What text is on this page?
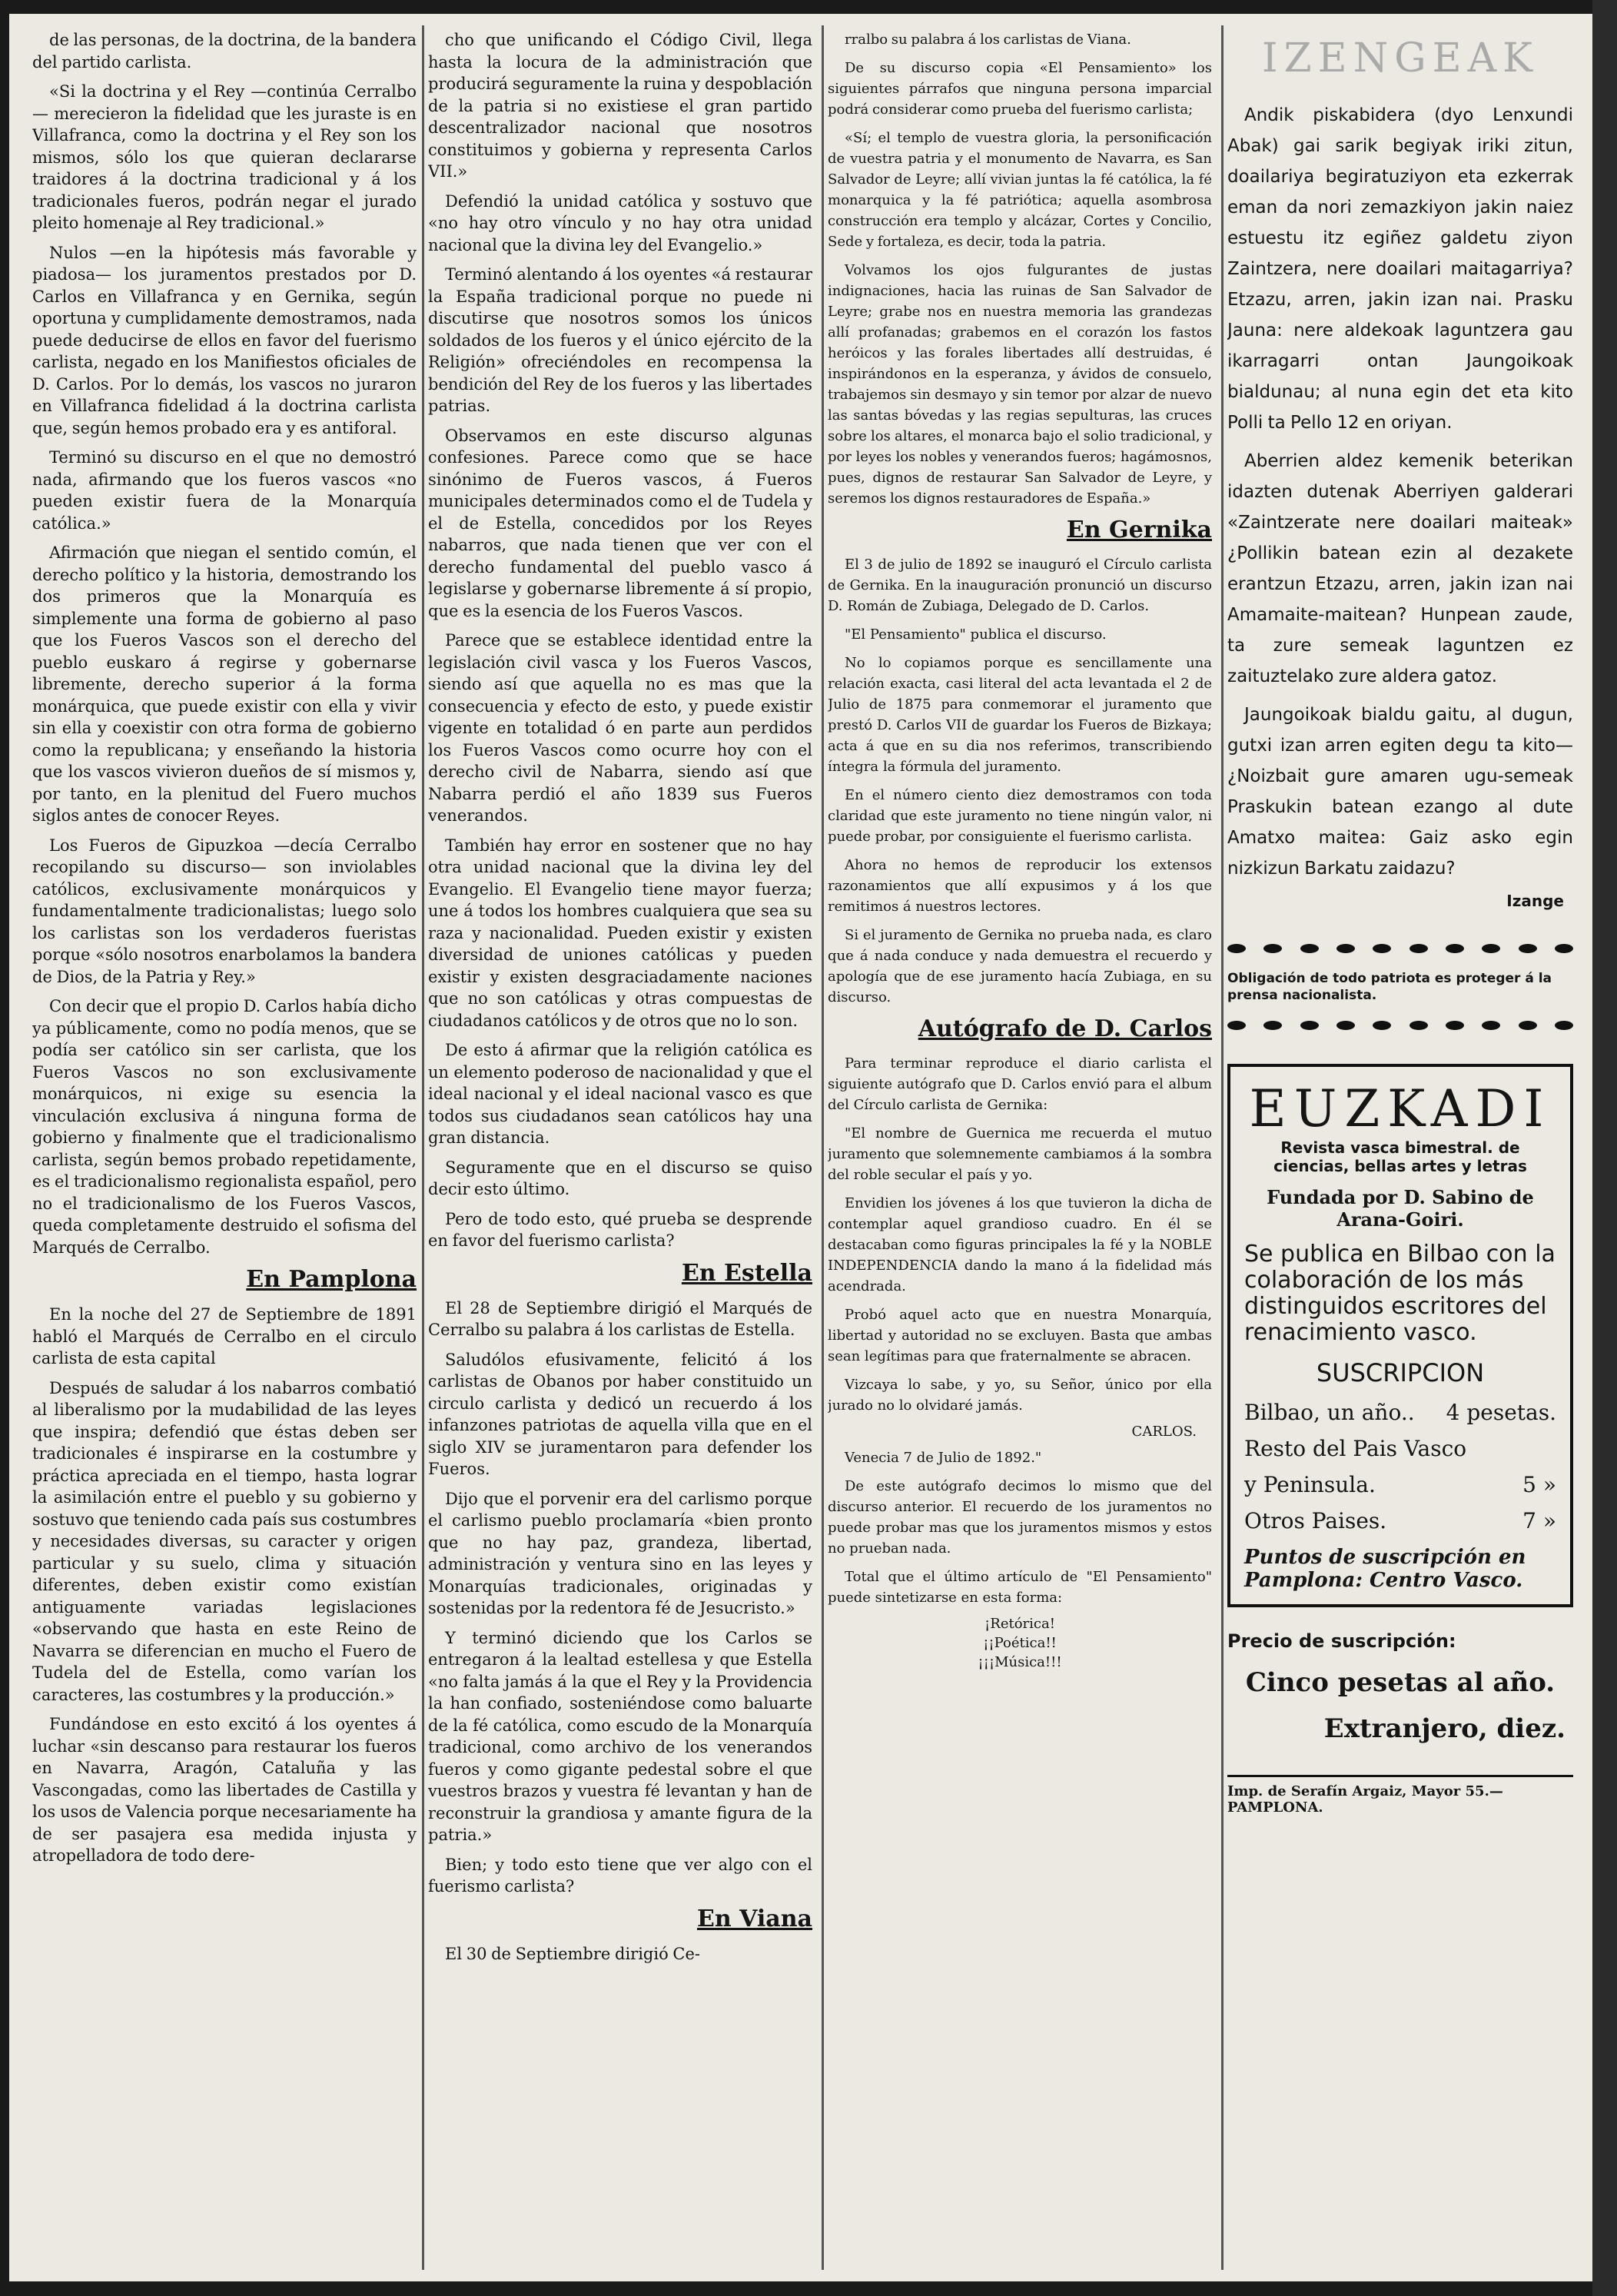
de las personas, de la doctrina, de la bandera del partido carlista.

«Si la doctrina y el Rey —continúa Cerralbo— merecieron la fidelidad que les juraste is en Villafranca, como la doctrina y el Rey son los mismos, sólo los que quieran declararse traidores á la doctrina tradicional y á los tradicionales fueros, podrán negar el jurado pleito homenaje al Rey tradicional.»

Nulos —en la hipótesis más favorable y piadosa— los juramentos prestados por D. Carlos en Villafranca y en Gernika, según oportuna y cumplidamente demostramos, nada puede deducirse de ellos en favor del fuerismo carlista, negado en los Manifiestos oficiales de D. Carlos. Por lo demás, los vascos no juraron en Villafranca fidelidad á la doctrina carlista que, según hemos probado era y es antiforal.

Terminó su discurso en el que no demostró nada, afirmando que los fueros vascos «no pueden existir fuera de la Monarquía católica.»

Afirmación que niegan el sentido común, el derecho político y la historia, demostrando los dos primeros que la Monarquía es simplemente una forma de gobierno al paso que los Fueros Vascos son el derecho del pueblo euskaro á regirse y gobernarse libremente, derecho superior á la forma monárquica, que puede existir con ella y vivir sin ella y coexistir con otra forma de gobierno como la republicana; y enseñando la historia que los vascos vivieron dueños de sí mismos y, por tanto, en la plenitud del Fuero muchos siglos antes de conocer Reyes.

Los Fueros de Gipuzkoa —decía Cerralbo recopilando su discurso— son inviolables católicos, exclusivamente monárquicos y fundamentalmente tradicionalistas; luego solo los carlistas son los verdaderos fueristas porque «sólo nosotros enarbolamos la bandera de Dios, de la Patria y Rey.»

Con decir que el propio D. Carlos había dicho ya públicamente, como no podía menos, que se podía ser católico sin ser carlista, que los Fueros Vascos no son exclusivamente monárquicos, ni exige su esencia la vinculación exclusiva á ninguna forma de gobierno y finalmente que el tradicionalismo carlista, según bemos probado repetidamente, es el tradicionalismo regionalista español, pero no el tradicionalismo de los Fueros Vascos, queda completamente destruido el sofisma del Marqués de Cerralbo.

En Pamplona

En la noche del 27 de Septiembre de 1891 habló el Marqués de Cerralbo en el circulo carlista de esta capital

Después de saludar á los nabarros combatió al liberalismo por la mudabilidad de las leyes que inspira; defendió que éstas deben ser tradicionales é inspirarse en la costumbre y práctica apreciada en el tiempo, hasta lograr la asimilación entre el pueblo y su gobierno y sostuvo que teniendo cada país sus costumbres y necesidades diversas, su caracter y origen particular y su suelo, clima y situación diferentes, deben existir como existían antiguamente variadas legislaciones «observando que hasta en este Reino de Navarra se diferencian en mucho el Fuero de Tudela del de Estella, como varían los caracteres, las costumbres y la producción.»

Fundándose en esto excitó á los oyentes á luchar «sin descanso para restaurar los fueros en Navarra, Aragón, Cataluña y las Vascongadas, como las libertades de Castilla y los usos de Valencia porque necesariamente ha de ser pasajera esa medida injusta y atropelladora de todo dere-

cho que unificando el Código Civil, llega hasta la locura de la administración que producirá seguramente la ruina y despoblación de la patria si no existiese el gran partido descentralizador nacional que nosotros constituimos y gobierna y representa Carlos VII.»

Defendió la unidad católica y sostuvo que «no hay otro vínculo y no hay otra unidad nacional que la divina ley del Evangelio.»

Terminó alentando á los oyentes «á restaurar la España tradicional porque no puede ni discutirse que nosotros somos los únicos soldados de los fueros y el único ejército de la Religión» ofreciéndoles en recompensa la bendición del Rey de los fueros y las libertades patrias.

Observamos en este discurso algunas confesiones. Parece como que se hace sinónimo de Fueros vascos, á Fueros municipales determinados como el de Tudela y el de Estella, concedidos por los Reyes nabarros, que nada tienen que ver con el derecho fundamental del pueblo vasco á legislarse y gobernarse libremente á sí propio, que es la esencia de los Fueros Vascos.

Parece que se establece identidad entre la legislación civil vasca y los Fueros Vascos, siendo así que aquella no es mas que la consecuencia y efecto de esto, y puede existir vigente en totalidad ó en parte aun perdidos los Fueros Vascos como ocurre hoy con el derecho civil de Nabarra, siendo así que Nabarra perdió el año 1839 sus Fueros venerandos.

También hay error en sostener que no hay otra unidad nacional que la divina ley del Evangelio. El Evangelio tiene mayor fuerza; une á todos los hombres cualquiera que sea su raza y nacionalidad. Pueden existir y existen diversidad de uniones católicas y pueden existir y existen desgraciadamente naciones que no son católicas y otras compuestas de ciudadanos católicos y de otros que no lo son.

De esto á afirmar que la religión católica es un elemento poderoso de nacionalidad y que el ideal nacional y el ideal nacional vasco es que todos sus ciudadanos sean católicos hay una gran distancia.

Seguramente que en el discurso se quiso decir esto último.

Pero de todo esto, qué prueba se desprende en favor del fuerismo carlista?

En Estella

El 28 de Septiembre dirigió el Marqués de Cerralbo su palabra á los carlistas de Estella.

Saludólos efusivamente, felicitó á los carlistas de Obanos por haber constituido un circulo carlista y dedicó un recuerdo á los infanzones patriotas de aquella villa que en el siglo XIV se juramentaron para defender los Fueros.

Dijo que el porvenir era del carlismo porque el carlismo pueblo proclamaría «bien pronto que no hay paz, grandeza, libertad, administración y ventura sino en las leyes y Monarquías tradicionales, originadas y sostenidas por la redentora fé de Jesucristo.»

Y terminó diciendo que los Carlos se entregaron á la lealtad estellesa y que Estella «no falta jamás á la que el Rey y la Providencia la han confiado, sosteniéndose como baluarte de la fé católica, como escudo de la Monarquía tradicional, como archivo de los venerandos fueros y como gigante pedestal sobre el que vuestros brazos y vuestra fé levantan y han de reconstruir la grandiosa y amante figura de la patria.»

Bien; y todo esto tiene que ver algo con el fuerismo carlista?

En Viana

El 30 de Septiembre dirigió Ce-

rralbo su palabra á los carlistas de Viana.

De su discurso copia «El Pensamiento» los siguientes párrafos que ninguna persona imparcial podrá considerar como prueba del fuerismo carlista;

«Sí; el templo de vuestra gloria, la personificación de vuestra patria y el monumento de Navarra, es San Salvador de Leyre; allí vivian juntas la fé católica, la fé monarquica y la fé patriótica; aquella asombrosa construcción era templo y alcázar, Cortes y Concilio, Sede y fortaleza, es decir, toda la patria.

Volvamos los ojos fulgurantes de justas indignaciones, hacia las ruinas de San Salvador de Leyre; grabe nos en nuestra memoria las grandezas allí profanadas; grabemos en el corazón los fastos heróicos y las forales libertades allí destruidas, é inspirándonos en la esperanza, y ávidos de consuelo, trabajemos sin desmayo y sin temor por alzar de nuevo las santas bóvedas y las regias sepulturas, las cruces sobre los altares, el monarca bajo el solio tradicional, y por leyes los nobles y venerandos fueros; hagámosnos, pues, dignos de restaurar San Salvador de Leyre, y seremos los dignos restauradores de España.»

En Gernika

El 3 de julio de 1892 se inauguró el Círculo carlista de Gernika. En la inauguración pronunció un discurso D. Román de Zubiaga, Delegado de D. Carlos.

"El Pensamiento" publica el discurso.

No lo copiamos porque es sencillamente una relación exacta, casi literal del acta levantada el 2 de Julio de 1875 para conmemorar el juramento que prestó D. Carlos VII de guardar los Fueros de Bizkaya; acta á que en su dia nos referimos, transcribiendo íntegra la fórmula del juramento.

En el número ciento diez demostramos con toda claridad que este juramento no tiene ningún valor, ni puede probar, por consiguiente el fuerismo carlista.

Ahora no hemos de reproducir los extensos razonamientos que allí expusimos y á los que remitimos á nuestros lectores.

Si el juramento de Gernika no prueba nada, es claro que á nada conduce y nada demuestra el recuerdo y apología que de ese juramento hacía Zubiaga, en su discurso.

Autógrafo de D. Carlos

Para terminar reproduce el diario carlista el siguiente autógrafo que D. Carlos envió para el album del Círculo carlista de Gernika:

"El nombre de Guernica me recuerda el mutuo juramento que solemnemente cambiamos á la sombra del roble secular el país y yo.

Envidien los jóvenes á los que tuvieron la dicha de contemplar aquel grandioso cuadro. En él se destacaban como figuras principales la fé y la NOBLE INDEPENDENCIA dando la mano á la fidelidad más acendrada.

Probó aquel acto que en nuestra Monarquía, libertad y autoridad no se excluyen. Basta que ambas sean legítimas para que fraternalmente se abracen.

Vizcaya lo sabe, y yo, su Señor, único por ella jurado no lo olvidaré jamás.

CARLOS.

Venecia 7 de Julio de 1892."

De este autógrafo decimos lo mismo que del discurso anterior. El recuerdo de los juramentos no puede probar mas que los juramentos mismos y estos no prueban nada.

Total que el último artículo de "El Pensamiento" puede sintetizarse en esta forma:

¡Retórica!
¡¡Poética!!
¡¡¡Música!!!
IZENGEAK

Andik piskabidera (dyo Lenxundi Abak) gai sarik begiyak iriki zitun, doailariya begiratuziyon eta ezkerrak eman da nori zemazkiyon jakin naiez estuestu itz egiñez galdetu ziyon Zaintzera, nere doailari maitagarriya? Etzazu, arren, jakin izan nai. Prasku Jauna: nere aldekoak laguntzera gau ikarragarri ontan Jaungoikoak bialdunau; al nuna egin det eta kito Polli ta Pello 12 en oriyan.

Aberrien aldez kemenik beterikan idazten dutenak Aberriyen galderari «Zaintzerate nere doailari maiteak» ¿Pollikin batean ezin al dezakete erantzun Etzazu, arren, jakin izan nai Amamaite-maitean? Hunpean zaude, ta zure semeak laguntzen ez zaituztelako zure aldera gatoz.

Jaungoikoak bialdu gaitu, al dugun, gutxi izan arren egiten degu ta kito—¿Noizbait gure amaren ugu-semeak Praskukin batean ezango al dute Amatxo maitea: Gaiz asko egin nizkizun Barkatu zaidazu?

Izange
Obligación de todo patriota es proteger á la prensa nacionalista.
EUZKADI
Revista vasca bimestral. de ciencias, bellas artes y letras
Fundada por D. Sabino de Arana-Goiri.
Se publica en Bilbao con la colaboración de los más distinguidos escritores del renacimiento vasco.
SUSCRIPCION
Bilbao, un año.. 4 pesetas.
Resto del Pais Vasco
y Peninsula.	5 »
Otros Paises.	7 »
Puntos de suscripción en Pamplona: Centro Vasco.
Precio de suscripción:
Cinco pesetas al año.
Extranjero, diez.
Imp. de Serafín Argaiz, Mayor 55.—PAMPLONA.
